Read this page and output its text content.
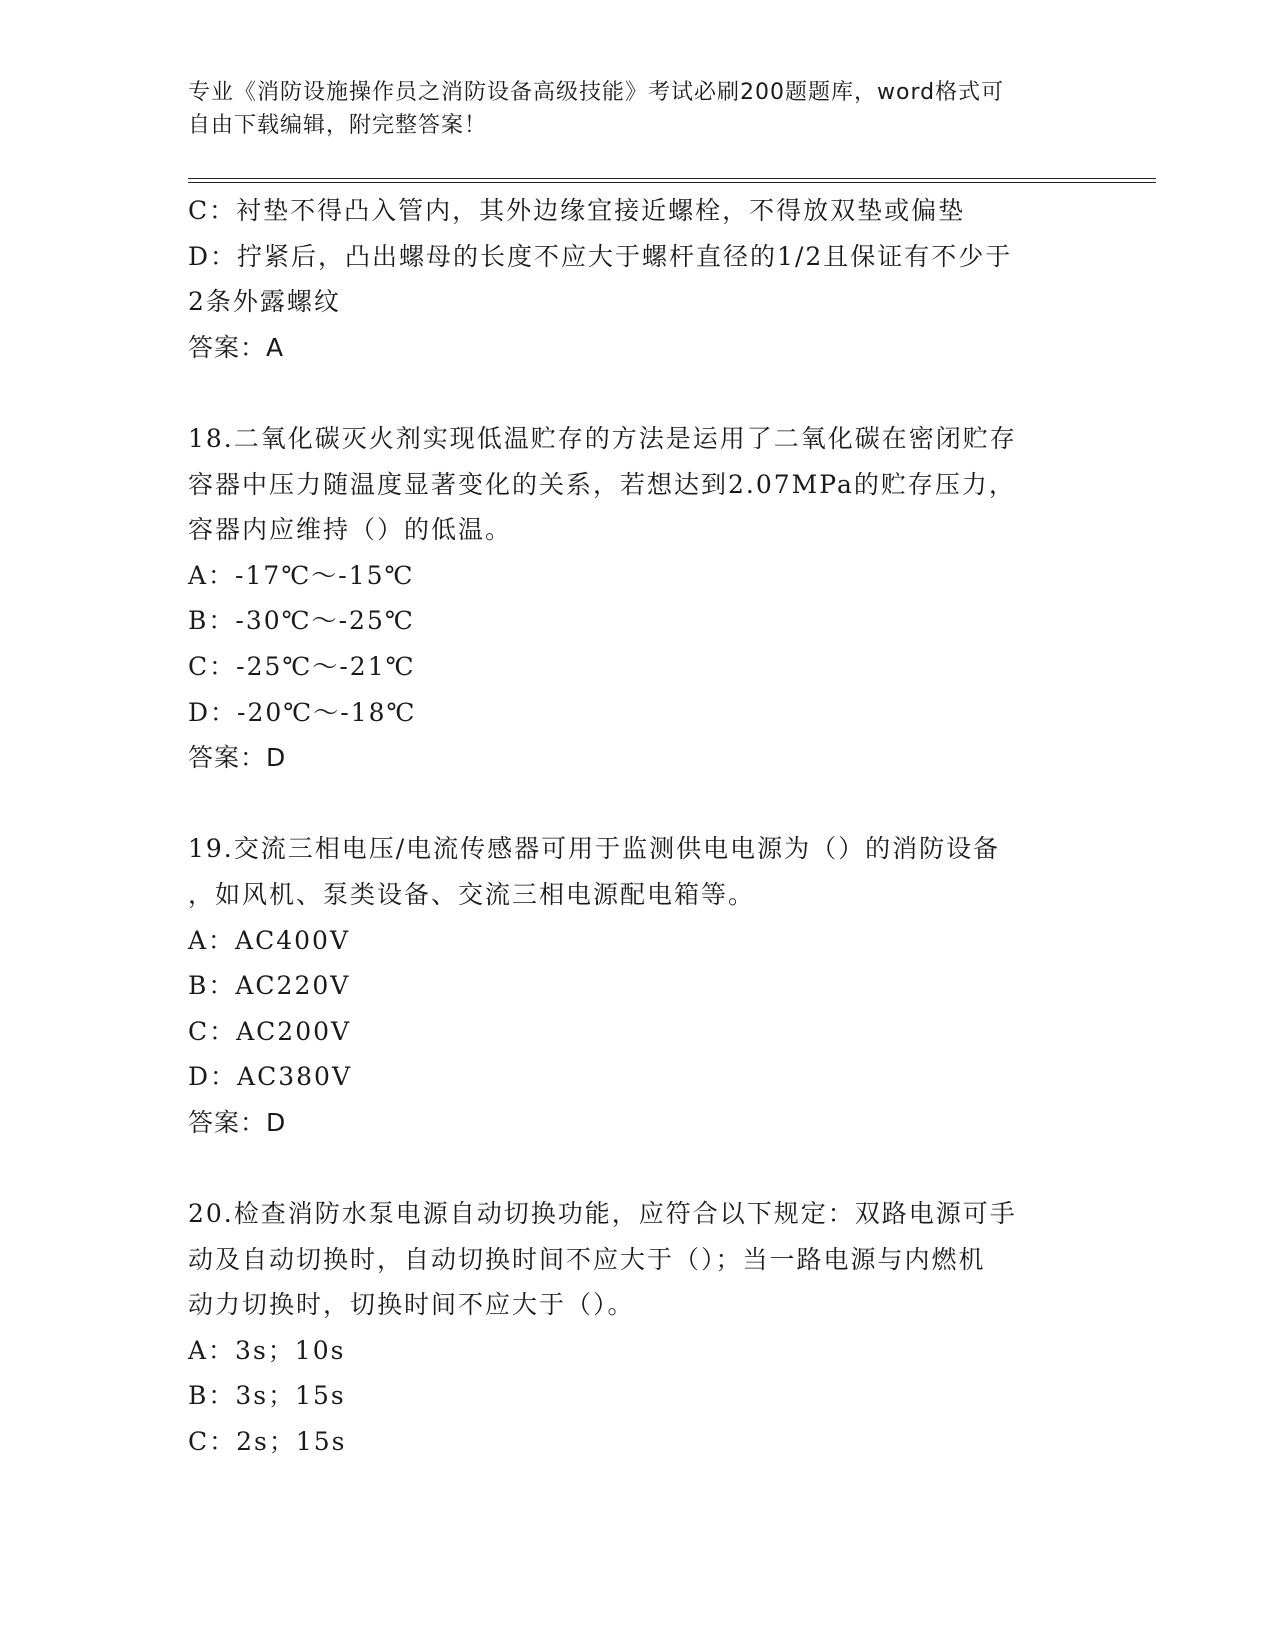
专业《消防设施操作员之消防设备高级技能》考试必刷200题题库，word格式可
自由下载编辑，附完整答案！
C：衬垫不得凸入管内，其外边缘宜接近螺栓，不得放双垫或偏垫
D：拧紧后，凸出螺母的长度不应大于螺杆直径的1/2且保证有不少于
2条外露螺纹
答案：A
18.二氧化碳灭火剂实现低温贮存的方法是运用了二氧化碳在密闭贮存
容器中压力随温度显著变化的关系，若想达到2.07MPa的贮存压力，
容器内应维持（）的低温。
A：-17℃～-15℃
B：-30℃～-25℃
C：-25℃～-21℃
D：-20℃～-18℃
答案：D
19.交流三相电压/电流传感器可用于监测供电电源为（）的消防设备
，如风机、泵类设备、交流三相电源配电箱等。
A：AC400V
B：AC220V
C：AC200V
D：AC380V
答案：D
20.检查消防水泵电源自动切换功能，应符合以下规定：双路电源可手
动及自动切换时，自动切换时间不应大于（）；当一路电源与内燃机
动力切换时，切换时间不应大于（）。
A：3s；10s
B：3s；15s
C：2s；15s
